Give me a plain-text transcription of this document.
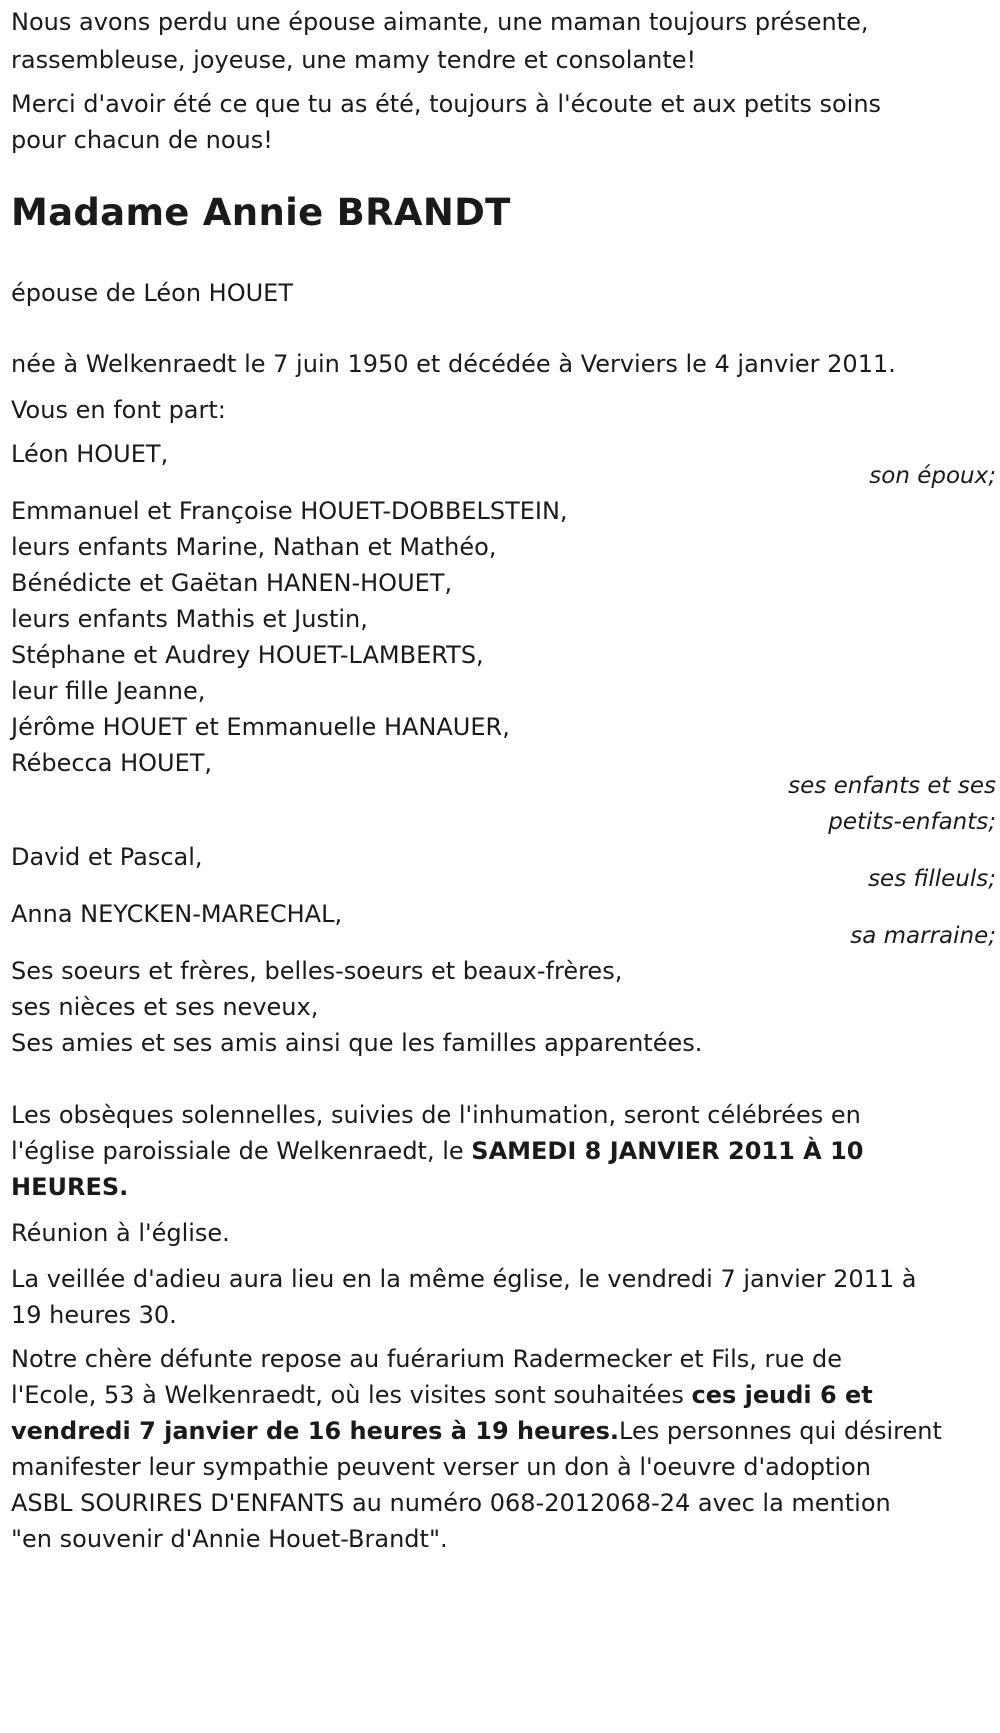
Nous avons perdu une épouse aimante, une maman toujours présente,
rassembleuse, joyeuse, une mamy tendre et consolante!
Merci d'avoir été ce que tu as été, toujours à l'écoute et aux petits soins
pour chacun de nous!
Madame Annie BRANDT
épouse de Léon HOUET
née à Welkenraedt le 7 juin 1950 et décédée à Verviers le 4 janvier 2011.
Vous en font part:
Léon HOUET,
son époux;
Emmanuel et Françoise HOUET-DOBBELSTEIN,
leurs enfants Marine, Nathan et Mathéo,
Bénédicte et Gaëtan HANEN-HOUET,
leurs enfants Mathis et Justin,
Stéphane et Audrey HOUET-LAMBERTS,
leur fille Jeanne,
Jérôme HOUET et Emmanuelle HANAUER,
Rébecca HOUET,
ses enfants et ses
petits-enfants;
David et Pascal,
ses filleuls;
Anna NEYCKEN-MARECHAL,
sa marraine;
Ses soeurs et frères, belles-soeurs et beaux-frères,
ses nièces et ses neveux,
Ses amies et ses amis ainsi que les familles apparentées.
Les obsèques solennelles, suivies de l'inhumation, seront célébrées en
l'église paroissiale de Welkenraedt, le SAMEDI 8 JANVIER 2011 À 10
HEURES.
Réunion à l'église.
La veillée d'adieu aura lieu en la même église, le vendredi 7 janvier 2011 à
19 heures 30.
Notre chère défunte repose au fuérarium Radermecker et Fils, rue de
l'Ecole, 53 à Welkenraedt, où les visites sont souhaitées ces jeudi 6 et
vendredi 7 janvier de 16 heures à 19 heures.Les personnes qui désirent
manifester leur sympathie peuvent verser un don à l'oeuvre d'adoption
ASBL SOURIRES D'ENFANTS au numéro 068-2012068-24 avec la mention
"en souvenir d'Annie Houet-Brandt".
